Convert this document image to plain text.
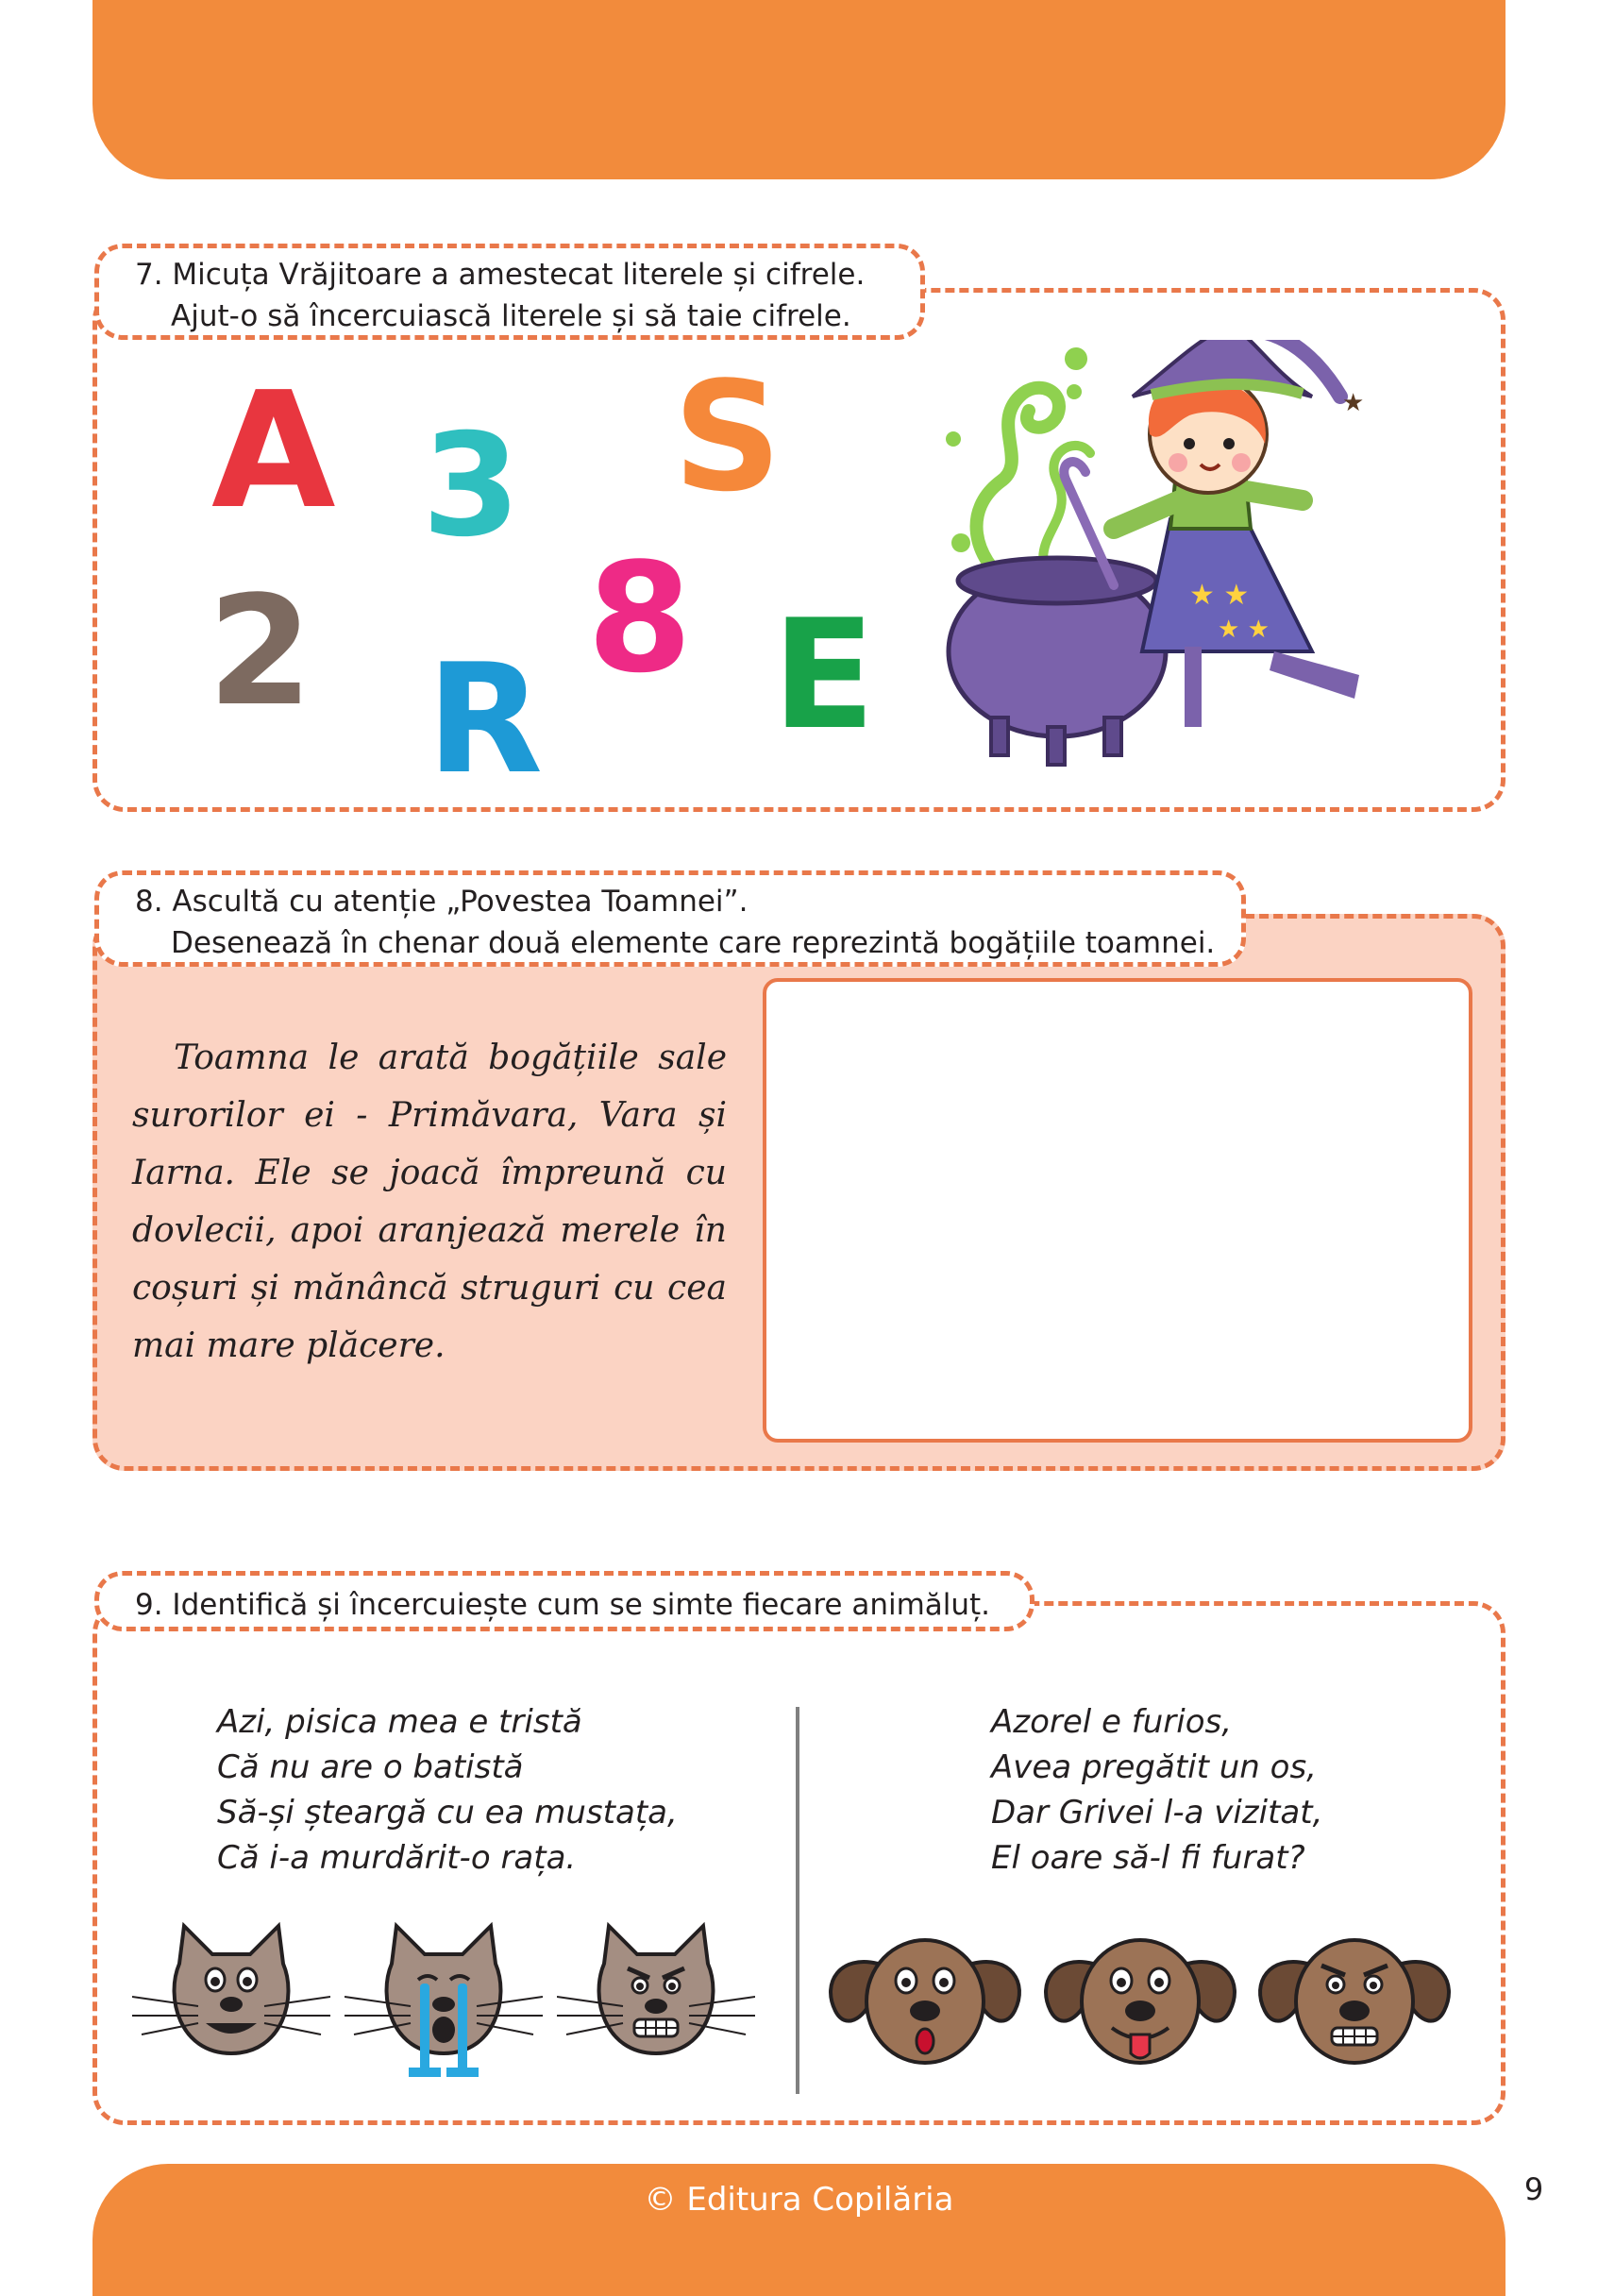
7. Micuța Vrăjitoare a amestecat literele și cifrele.
Ajut-o să încercuiască literele și să taie cifrele.
A 3 S
2 8
R E	★ ★
★ ★
★
8. Ascultă cu atenție „Povestea Toamnei”.
Desenează în chenar două elemente care reprezintă bogățiile toamnei.
Toamna le arată bogățiile sale surorilor ei - Primăvara, Vara și Iarna. Ele se joacă împreună cu dovlecii, apoi aranjează merele în coșuri și mănâncă struguri cu cea mai mare plăcere.
9. Identifică și încercuiește cum se simte fiecare animăluț.
Azi, pisica mea e tristă
Că nu are o batistă
Să-și șteargă cu ea mustața,
Că i-a murdărit-o rața.
Azorel e furios,
Avea pregătit un os,
Dar Grivei l-a vizitat,
El oare să-l fi furat?
© Editura Copilăria	9
